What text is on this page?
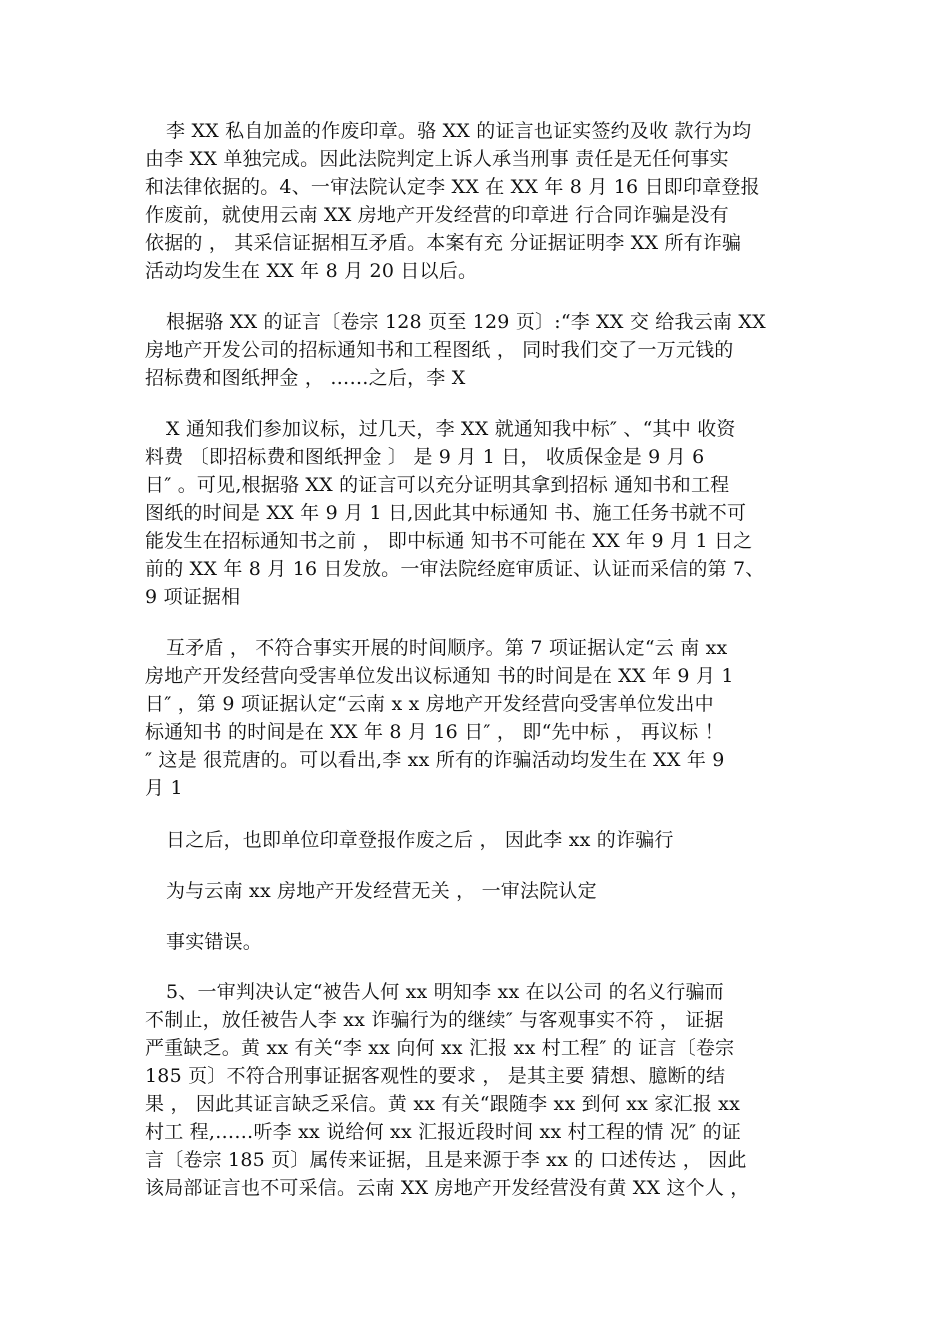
李 XX 私自加盖的作废印章。骆 XX 的证言也证实签约及收 款行为均
由李 XX 单独完成。因此法院判定上诉人承当刑事 责任是无任何事实
和法律依据的。4、一审法院认定李 XX 在 XX 年 8 月 16 日即印章登报
作废前，就使用云南 XX 房地产开发经营的印章进 行合同诈骗是没有
依据的 ， 其采信证据相互矛盾。本案有充 分证据证明李 XX 所有诈骗
活动均发生在 XX 年 8 月 20 日以后。
根据骆 XX 的证言〔卷宗 128 页至 129 页〕:“李 XX 交 给我云南 XX
房地产开发公司的招标通知书和工程图纸 ， 同时我们交了一万元钱的
招标费和图纸押金 ， ……之后，李 X
X 通知我们参加议标，过几天，李 XX 就通知我中标″ 、“其中 收资
料费 〔即招标费和图纸押金 〕 是 9 月 1 日， 收质保金是 9 月 6
日″ 。可见,根据骆 XX 的证言可以充分证明其拿到招标 通知书和工程
图纸的时间是 XX 年 9 月 1 日,因此其中标通知 书、施工任务书就不可
能发生在招标通知书之前 ， 即中标通 知书不可能在 XX 年 9 月 1 日之
前的 XX 年 8 月 16 日发放。一审法院经庭审质证、认证而采信的第 7、
9 项证据相
互矛盾 ， 不符合事实开展的时间顺序。第 7 项证据认定“云 南 xx
房地产开发经营向受害单位发出议标通知 书的时间是在 XX 年 9 月 1
日″ ，第 9 项证据认定“云南 x x 房地产开发经营向受害单位发出中
标通知书 的时间是在 XX 年 8 月 16 日″ ， 即“先中标 ， 再议标 ！
″ 这是 很荒唐的。可以看出,李 xx 所有的诈骗活动均发生在 XX 年 9
月 1
日之后，也即单位印章登报作废之后 ， 因此李 xx 的诈骗行
为与云南 xx 房地产开发经营无关 ， 一审法院认定
事实错误。
5、一审判决认定“被告人何 xx 明知李 xx 在以公司 的名义行骗而
不制止，放任被告人李 xx 诈骗行为的继续″ 与客观事实不符 ， 证据
严重缺乏。黄 xx 有关“李 xx 向何 xx 汇报 xx 村工程″ 的 证言〔卷宗
185 页〕不符合刑事证据客观性的要求 ， 是其主要 猜想、臆断的结
果 ， 因此其证言缺乏采信。黄 xx 有关“跟随李 xx 到何 xx 家汇报 xx
村工 程,……听李 xx 说给何 xx 汇报近段时间 xx 村工程的情 况″ 的证
言〔卷宗 185 页〕属传来证据，且是来源于李 xx 的 口述传达 ， 因此
该局部证言也不可采信。云南 XX 房地产开发经营没有黄 XX 这个人 ，
